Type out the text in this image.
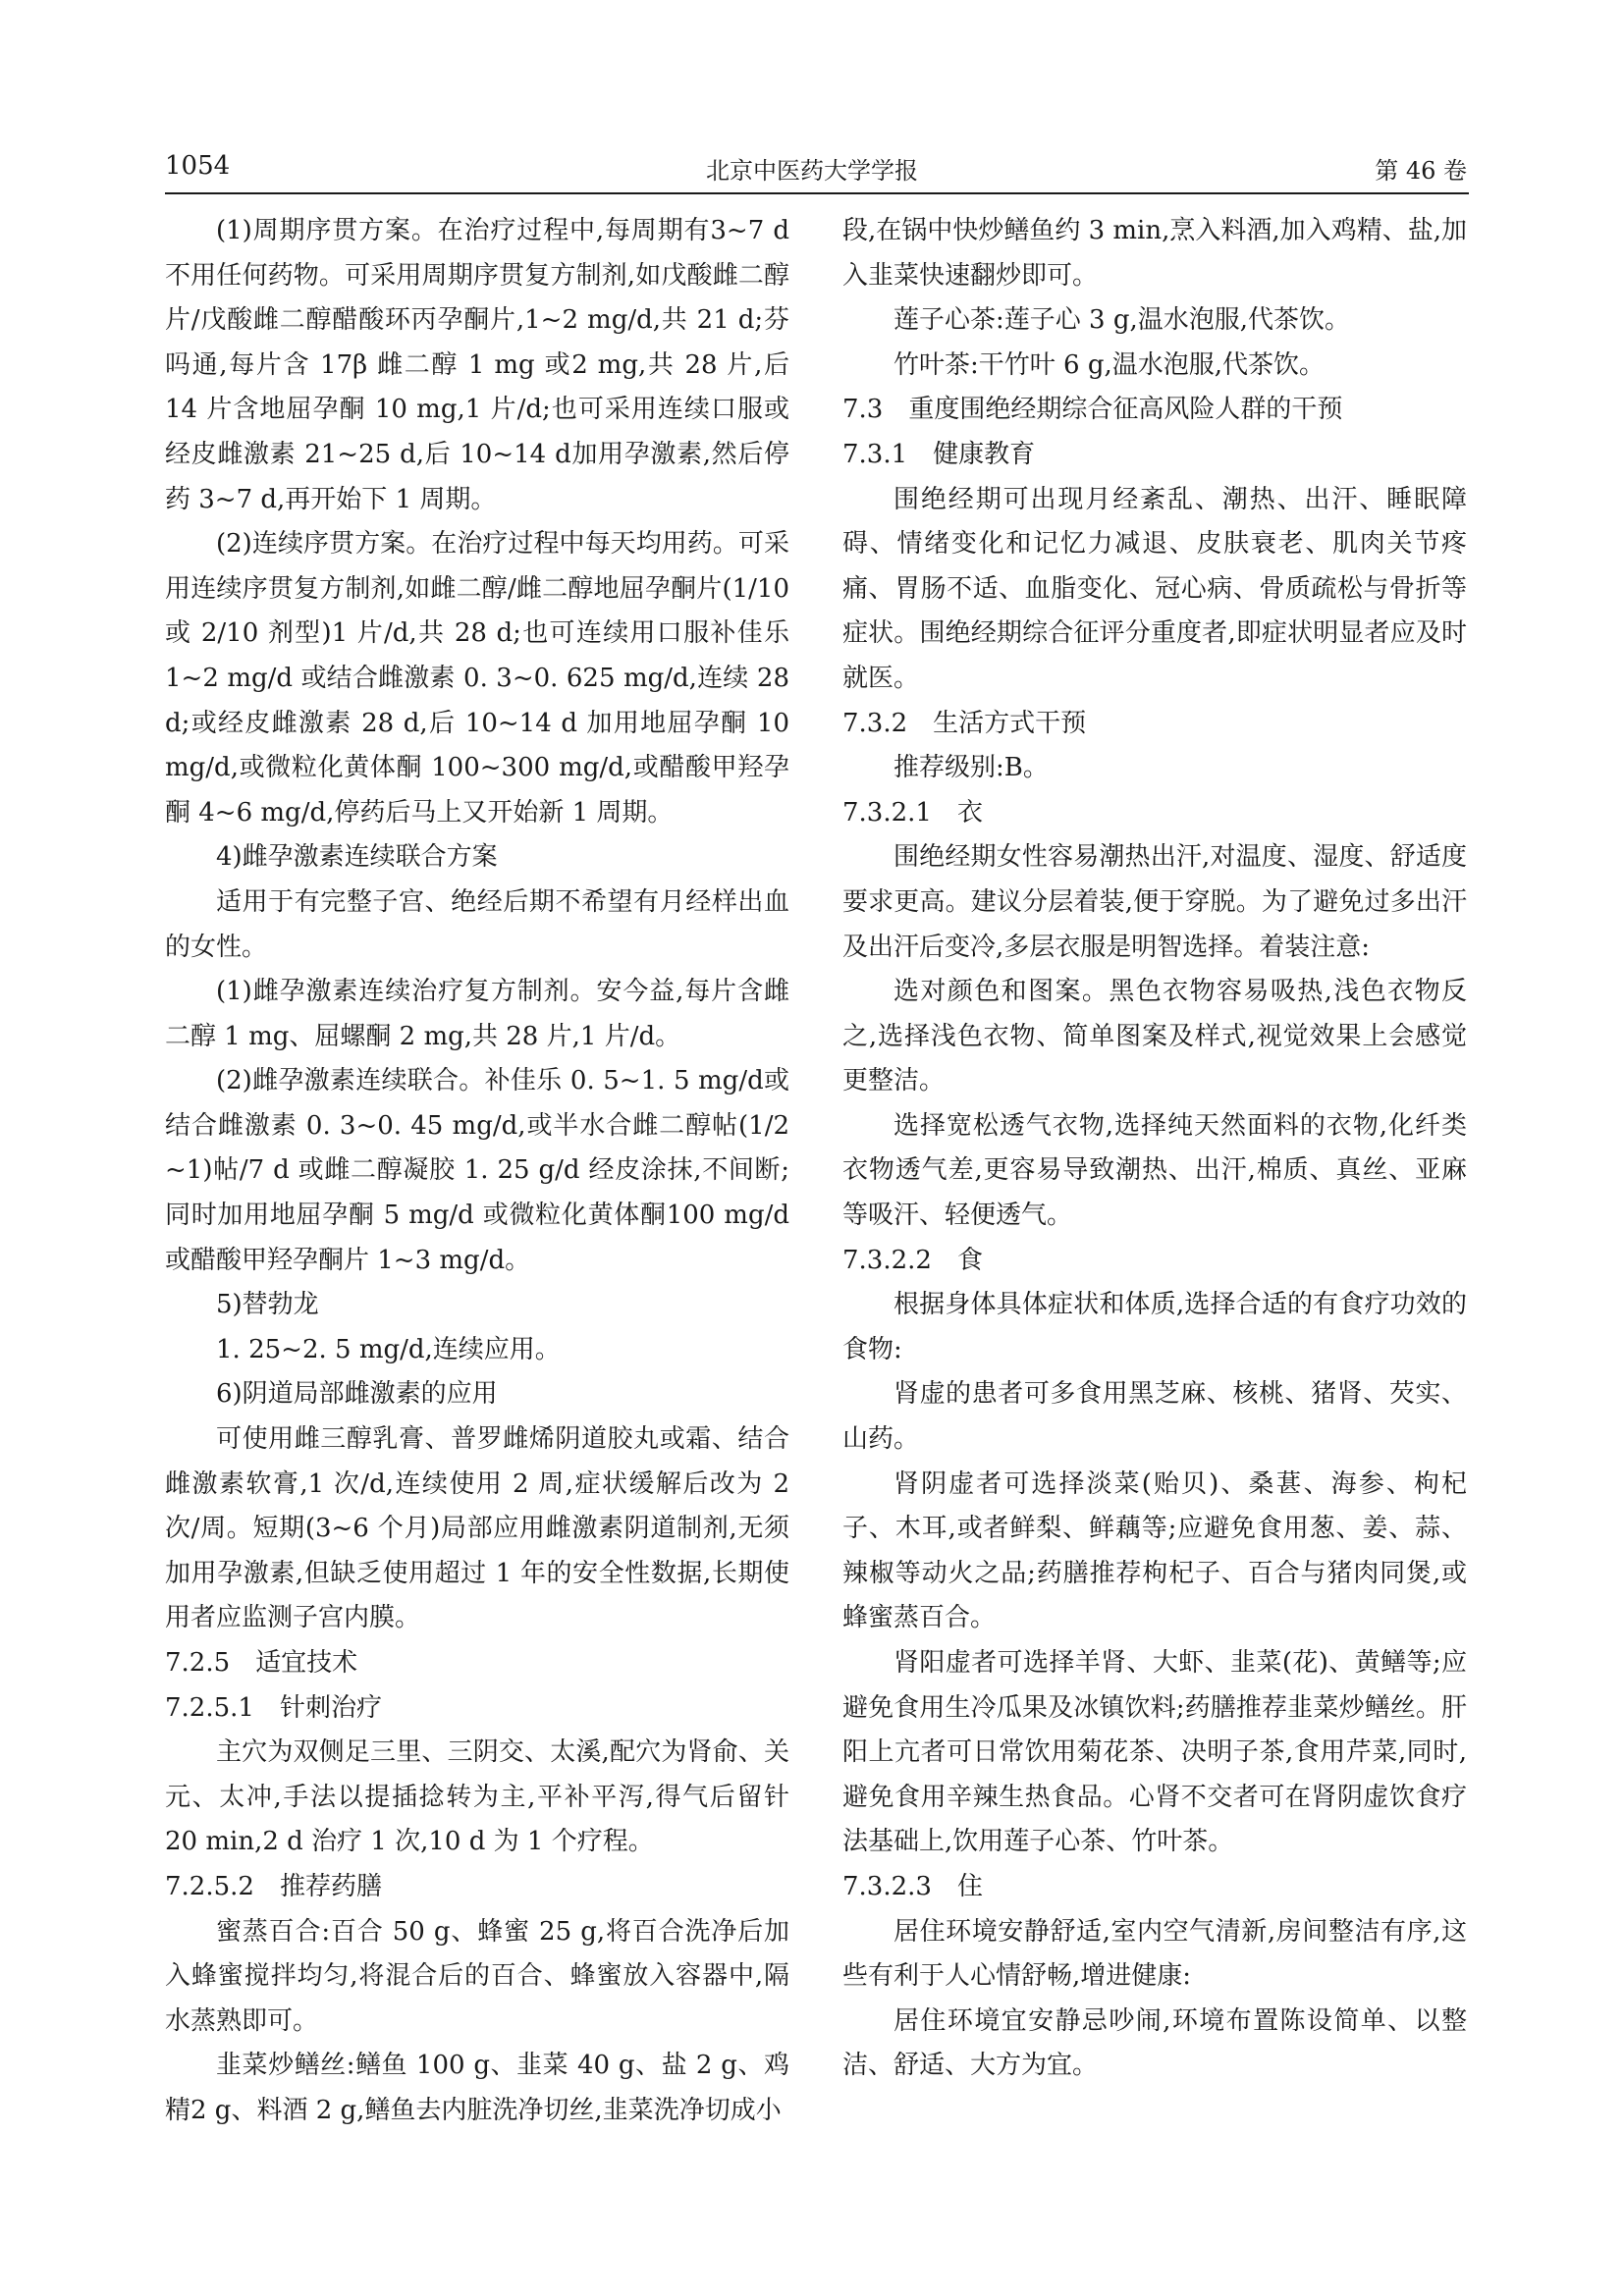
1054	北京中医药大学学报	第 46 卷

(1)周期序贯方案。在治疗过程中,每周期有3~7 d 不用任何药物。可采用周期序贯复方制剂,如戊酸雌二醇片/戊酸雌二醇醋酸环丙孕酮片,1~2 mg/d,共 21 d;芬吗通,每片含 17β 雌二醇 1 mg 或2 mg,共 28 片,后 14 片含地屈孕酮 10 mg,1 片/d;也可采用连续口服或经皮雌激素 21~25 d,后 10~14 d加用孕激素,然后停药 3~7 d,再开始下 1 周期。

(2)连续序贯方案。在治疗过程中每天均用药。可采用连续序贯复方制剂,如雌二醇/雌二醇地屈孕酮片(1/10 或 2/10 剂型)1 片/d,共 28 d;也可连续用口服补佳乐 1~2 mg/d 或结合雌激素 0. 3~0. 625 mg/d,连续 28 d;或经皮雌激素 28 d,后 10~14 d 加用地屈孕酮 10 mg/d,或微粒化黄体酮 100~300 mg/d,或醋酸甲羟孕酮 4~6 mg/d,停药后马上又开始新 1 周期。

4)雌孕激素连续联合方案

适用于有完整子宫、绝经后期不希望有月经样出血的女性。

(1)雌孕激素连续治疗复方制剂。安今益,每片含雌二醇 1 mg、屈螺酮 2 mg,共 28 片,1 片/d。

(2)雌孕激素连续联合。补佳乐 0. 5~1. 5 mg/d或结合雌激素 0. 3~0. 45 mg/d,或半水合雌二醇帖(1/2 ~1)帖/7 d 或雌二醇凝胶 1. 25 g/d 经皮涂抹,不间断;同时加用地屈孕酮 5 mg/d 或微粒化黄体酮100 mg/d 或醋酸甲羟孕酮片 1~3 mg/d。

5)替勃龙

1. 25~2. 5 mg/d,连续应用。

6)阴道局部雌激素的应用

可使用雌三醇乳膏、普罗雌烯阴道胶丸或霜、结合雌激素软膏,1 次/d,连续使用 2 周,症状缓解后改为 2 次/周。短期(3~6 个月)局部应用雌激素阴道制剂,无须加用孕激素,但缺乏使用超过 1 年的安全性数据,长期使用者应监测子宫内膜。

7.2.5 适宜技术

7.2.5.1 针刺治疗

主穴为双侧足三里、三阴交、太溪,配穴为肾俞、关元、太冲,手法以提插捻转为主,平补平泻,得气后留针 20 min,2 d 治疗 1 次,10 d 为 1 个疗程。

7.2.5.2 推荐药膳

蜜蒸百合:百合 50 g、蜂蜜 25 g,将百合洗净后加入蜂蜜搅拌均匀,将混合后的百合、蜂蜜放入容器中,隔水蒸熟即可。

韭菜炒鳝丝:鳝鱼 100 g、韭菜 40 g、盐 2 g、鸡精2 g、料酒 2 g,鳝鱼去内脏洗净切丝,韭菜洗净切成小

段,在锅中快炒鳝鱼约 3 min,烹入料酒,加入鸡精、盐,加入韭菜快速翻炒即可。

莲子心茶:莲子心 3 g,温水泡服,代茶饮。

竹叶茶:干竹叶 6 g,温水泡服,代茶饮。

7.3 重度围绝经期综合征高风险人群的干预

7.3.1 健康教育

围绝经期可出现月经紊乱、潮热、出汗、睡眠障碍、情绪变化和记忆力减退、皮肤衰老、肌肉关节疼痛、胃肠不适、血脂变化、冠心病、骨质疏松与骨折等症状。围绝经期综合征评分重度者,即症状明显者应及时就医。

7.3.2 生活方式干预

推荐级别:B。

7.3.2.1 衣

围绝经期女性容易潮热出汗,对温度、湿度、舒适度要求更高。建议分层着装,便于穿脱。为了避免过多出汗及出汗后变冷,多层衣服是明智选择。着装注意:

选对颜色和图案。黑色衣物容易吸热,浅色衣物反之,选择浅色衣物、简单图案及样式,视觉效果上会感觉更整洁。

选择宽松透气衣物,选择纯天然面料的衣物,化纤类衣物透气差,更容易导致潮热、出汗,棉质、真丝、亚麻等吸汗、轻便透气。

7.3.2.2 食

根据身体具体症状和体质,选择合适的有食疗功效的食物:

肾虚的患者可多食用黑芝麻、核桃、猪肾、芡实、山药。

肾阴虚者可选择淡菜(贻贝)、桑葚、海参、枸杞子、木耳,或者鲜梨、鲜藕等;应避免食用葱、姜、蒜、辣椒等动火之品;药膳推荐枸杞子、百合与猪肉同煲,或蜂蜜蒸百合。

肾阳虚者可选择羊肾、大虾、韭菜(花)、黄鳝等;应避免食用生冷瓜果及冰镇饮料;药膳推荐韭菜炒鳝丝。肝阳上亢者可日常饮用菊花茶、决明子茶,食用芹菜,同时,避免食用辛辣生热食品。心肾不交者可在肾阴虚饮食疗法基础上,饮用莲子心茶、竹叶茶。

7.3.2.3 住

居住环境安静舒适,室内空气清新,房间整洁有序,这些有利于人心情舒畅,增进健康:

居住环境宜安静忌吵闹,环境布置陈设简单、以整洁、舒适、大方为宜。
